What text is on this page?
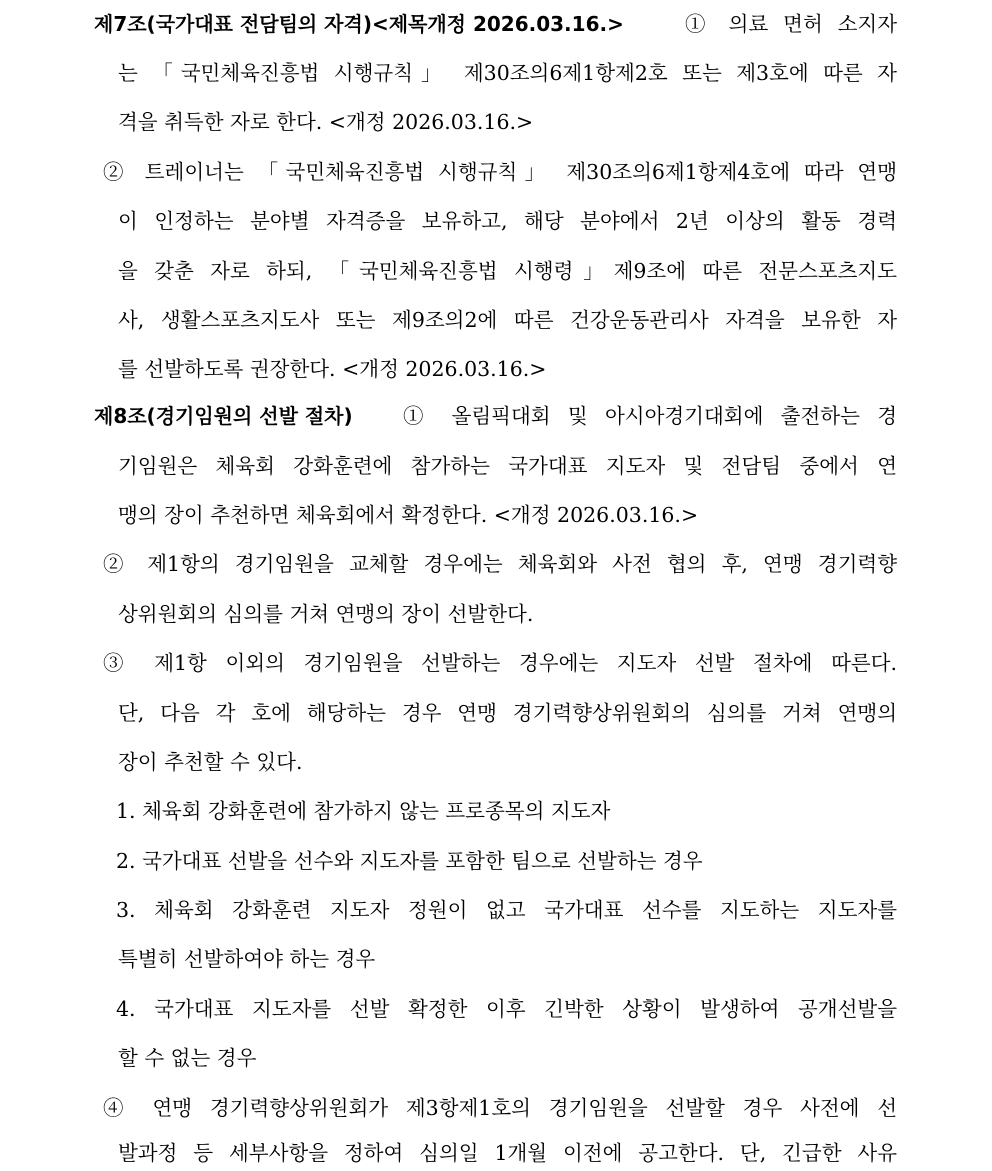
제7조(국가대표 전담팀의 자격)<제목개정 2026.03.16.>	① 의료 면허 소지자
는 「국민체육진흥법 시행규칙」 제30조의6제1항제2호 또는 제3호에 따른 자
격을 취득한 자로 한다. <개정 2026.03.16.>
② 트레이너는 「국민체육진흥법 시행규칙」 제30조의6제1항제4호에 따라 연맹
이 인정하는 분야별 자격증을 보유하고, 해당 분야에서 2년 이상의 활동 경력
을 갖춘 자로 하되, 「국민체육진흥법 시행령」제9조에 따른 전문스포츠지도
사, 생활스포츠지도사 또는 제9조의2에 따른 건강운동관리사 자격을 보유한 자
를 선발하도록 권장한다. <개정 2026.03.16.>
제8조(경기임원의 선발 절차) ① 올림픽대회 및 아시아경기대회에 출전하는 경
기임원은 체육회 강화훈련에 참가하는 국가대표 지도자 및 전담팀 중에서 연
맹의 장이 추천하면 체육회에서 확정한다. <개정 2026.03.16.>
② 제1항의 경기임원을 교체할 경우에는 체육회와 사전 협의 후, 연맹 경기력향
상위원회의 심의를 거쳐 연맹의 장이 선발한다.
③ 제1항 이외의 경기임원을 선발하는 경우에는 지도자 선발 절차에 따른다.
단, 다음 각 호에 해당하는 경우 연맹 경기력향상위원회의 심의를 거쳐 연맹의
장이 추천할 수 있다.
1. 체육회 강화훈련에 참가하지 않는 프로종목의 지도자
2. 국가대표 선발을 선수와 지도자를 포함한 팀으로 선발하는 경우
3. 체육회 강화훈련 지도자 정원이 없고 국가대표 선수를 지도하는 지도자를
특별히 선발하여야 하는 경우
4. 국가대표 지도자를 선발 확정한 이후 긴박한 상황이 발생하여 공개선발을
할 수 없는 경우
④ 연맹 경기력향상위원회가 제3항제1호의 경기임원을 선발할 경우 사전에 선
발과정 등 세부사항을 정하여 심의일 1개월 이전에 공고한다. 단, 긴급한 사유
